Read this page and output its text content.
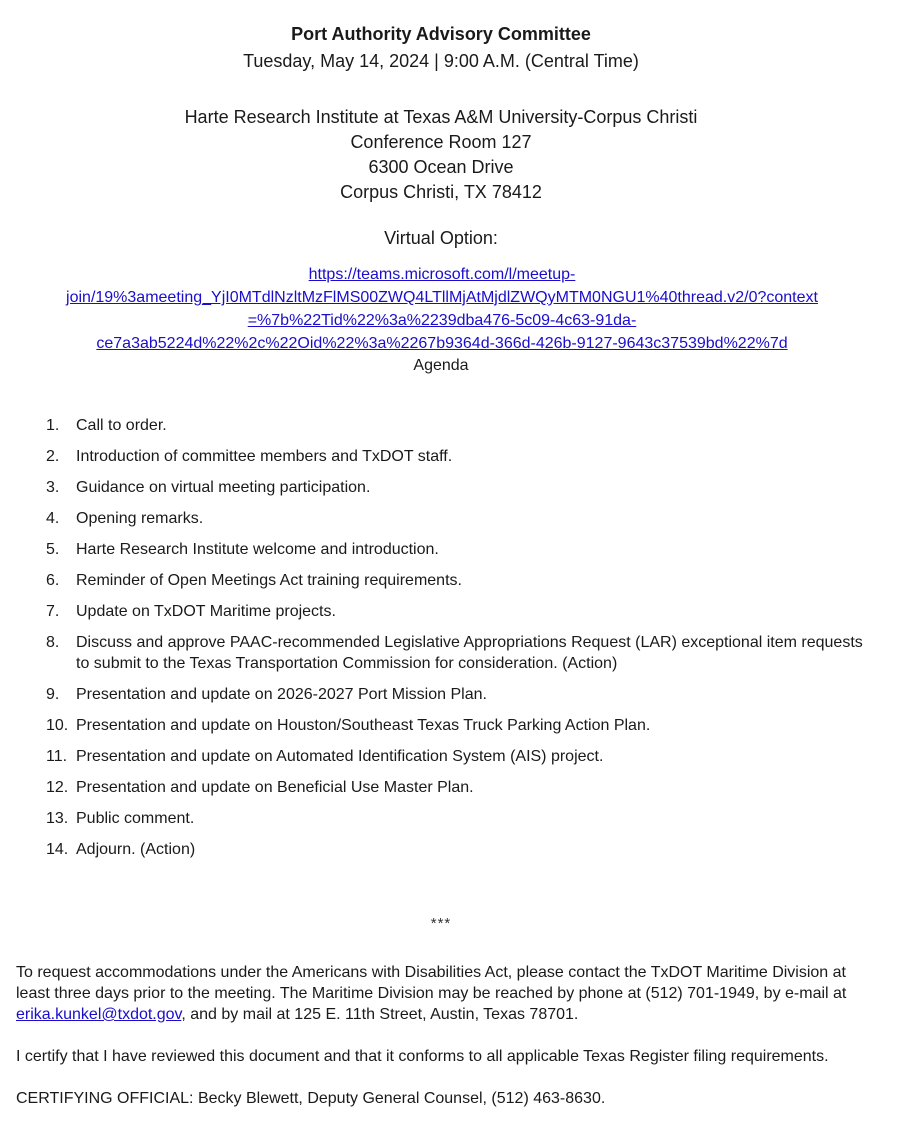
Port Authority Advisory Committee
Tuesday, May 14, 2024 | 9:00 A.M. (Central Time)
Harte Research Institute at Texas A&M University-Corpus Christi
Conference Room 127
6300 Ocean Drive
Corpus Christi, TX 78412
Virtual Option:
https://teams.microsoft.com/l/meetup-
join/19%3ameeting_YjI0MTdlNzltMzFlMS00ZWQ4LTllMjAtMjdlZWQyMTM0NGU1%40thread.v2/0?context
=%7b%22Tid%22%3a%2239dba476-5c09-4c63-91da-
ce7a3ab5224d%22%2c%22Oid%22%3a%2267b9364d-366d-426b-9127-9643c37539bd%22%7d
Agenda
1.	Call to order.
2.	Introduction of committee members and TxDOT staff.
3.	Guidance on virtual meeting participation.
4.	Opening remarks.
5.	Harte Research Institute welcome and introduction.
6.	Reminder of Open Meetings Act training requirements.
7.	Update on TxDOT Maritime projects.
8.	Discuss and approve PAAC-recommended Legislative Appropriations Request (LAR) exceptional item requests to submit to the Texas Transportation Commission for consideration. (Action)
9.	Presentation and update on 2026-2027 Port Mission Plan.
10. Presentation and update on Houston/Southeast Texas Truck Parking Action Plan.
11. Presentation and update on Automated Identification System (AIS) project.
12. Presentation and update on Beneficial Use Master Plan.
13. Public comment.
14. Adjourn. (Action)
***
To request accommodations under the Americans with Disabilities Act, please contact the TxDOT Maritime Division at least three days prior to the meeting. The Maritime Division may be reached by phone at (512) 701-1949, by e-mail at erika.kunkel@txdot.gov, and by mail at 125 E. 11th Street, Austin, Texas 78701.
I certify that I have reviewed this document and that it conforms to all applicable Texas Register filing requirements.
CERTIFYING OFFICIAL: Becky Blewett, Deputy General Counsel, (512) 463-8630.
